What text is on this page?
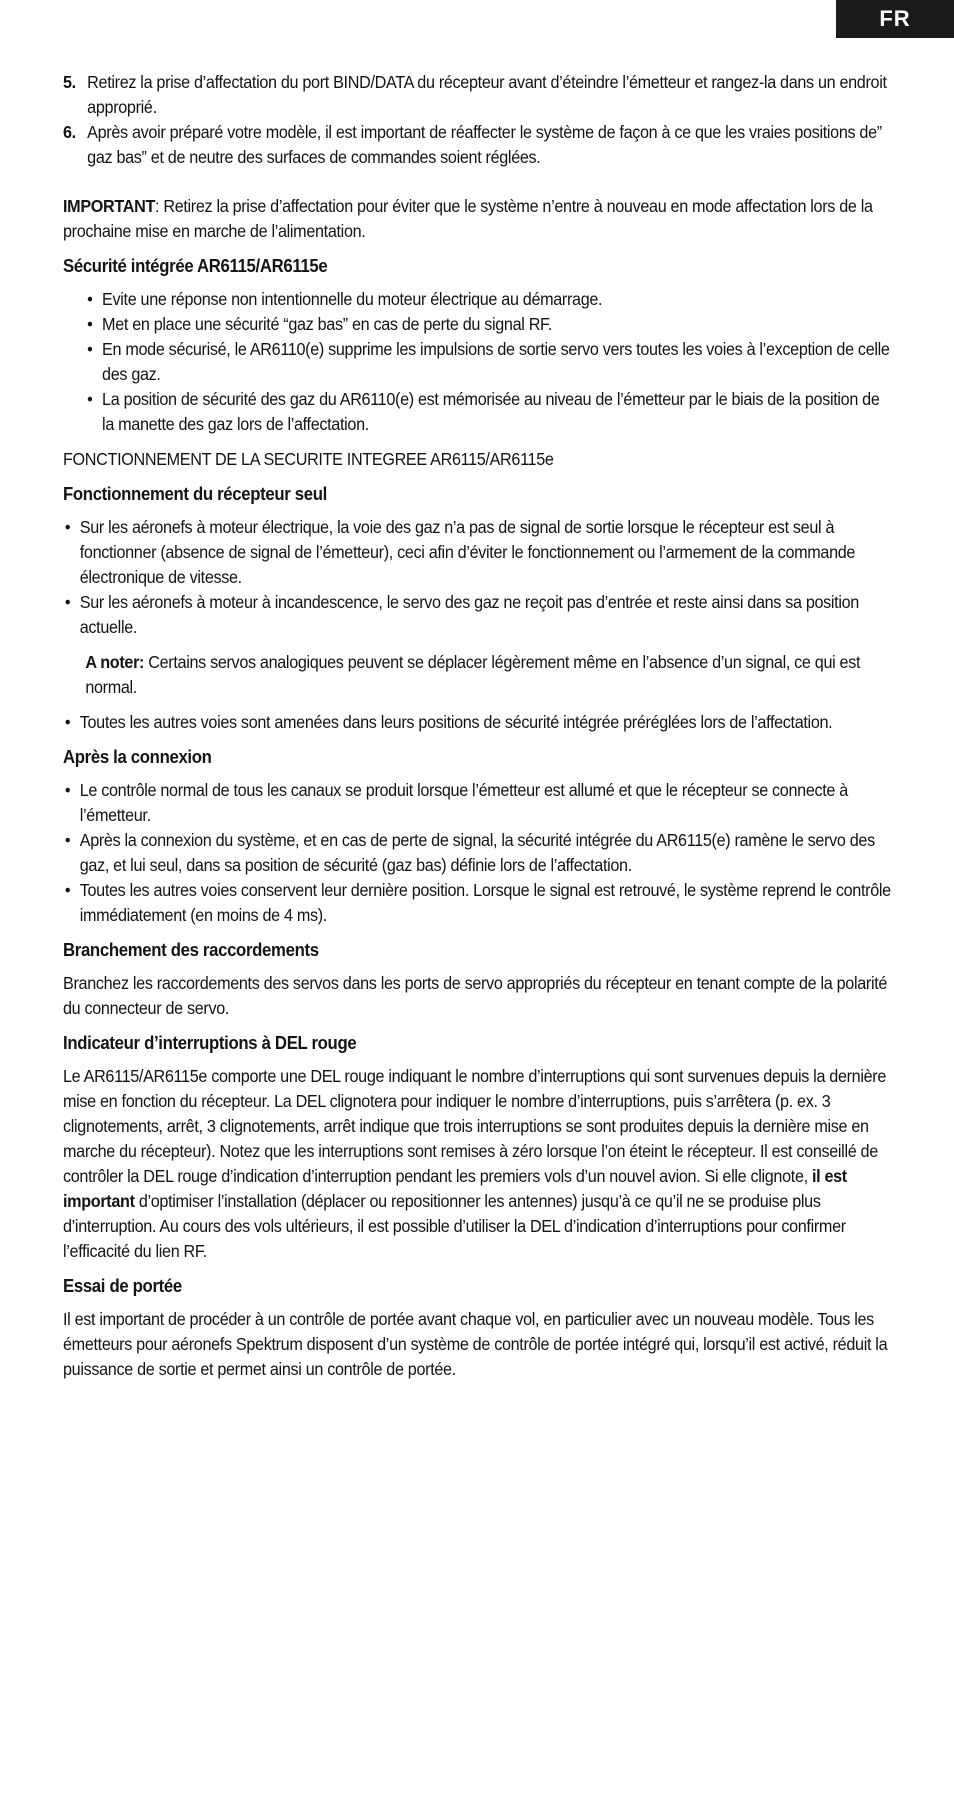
FR
5. Retirez la prise d’affectation du port BIND/DATA du récepteur avant d’éteindre l’émetteur et rangez-la dans un endroit approprié.
6. Après avoir préparé votre modèle, il est important de réaffecter le système de façon à ce que les vraies positions de” gaz bas” et de neutre des surfaces de commandes soient réglées.

IMPORTANT: Retirez la prise d’affectation pour éviter que le système n’entre à nouveau en mode affectation lors de la prochaine mise en marche de l’alimentation.

Sécurité intégrée AR6115/AR6115e
• Evite une réponse non intentionnelle du moteur électrique au démarrage.
• Met en place une sécurité “gaz bas” en cas de perte du signal RF.
• En mode sécurisé, le AR6110(e) supprime les impulsions de sortie servo vers toutes les voies à l’exception de celle des gaz.
• La position de sécurité des gaz du AR6110(e) est mémorisée au niveau de l’émetteur par le biais de la position de la manette des gaz lors de l’affectation.

FONCTIONNEMENT DE LA SECURITE INTEGREE AR6115/AR6115e

Fonctionnement du récepteur seul
• Sur les aéronefs à moteur électrique, la voie des gaz n’a pas de signal de sortie lorsque le récepteur est seul à fonctionner (absence de signal de l’émetteur), ceci afin d’éviter le fonctionnement ou l’armement de la commande électronique de vitesse.
• Sur les aéronefs à moteur à incandescence, le servo des gaz ne reçoit pas d’entrée et reste ainsi dans sa position actuelle.

A noter: Certains servos analogiques peuvent se déplacer légèrement même en l’absence d’un signal, ce qui est normal.

• Toutes les autres voies sont amenées dans leurs positions de sécurité intégrée préréglées lors de l’affectation.
Après la connexion
• Le contrôle normal de tous les canaux se produit lorsque l’émetteur est allumé et que le récepteur se connecte à l’émetteur.
• Après la connexion du système, et en cas de perte de signal, la sécurité intégrée du AR6115(e) ramène le servo des gaz, et lui seul, dans sa position de sécurité (gaz bas) définie lors de l’affectation.
• Toutes les autres voies conservent leur dernière position. Lorsque le signal est retrouvé, le système reprend le contrôle immédiatement (en moins de 4 ms).
Branchement des raccordements

Branchez les raccordements des servos dans les ports de servo appropriés du récepteur en tenant compte de la polarité du connecteur de servo.

Indicateur d’interruptions à DEL rouge

Le AR6115/AR6115e comporte une DEL rouge indiquant le nombre d’interruptions qui sont survenues depuis la dernière mise en fonction du récepteur. La DEL clignotera pour indiquer le nombre d’interruptions, puis s’arrêtera (p. ex. 3 clignotements, arrêt, 3 clignotements, arrêt indique que trois interruptions se sont produites depuis la dernière mise en marche du récepteur). Notez que les interruptions sont remises à zéro lorsque l’on éteint le récepteur. Il est conseillé de contrôler la DEL rouge d’indication d’interruption pendant les premiers vols d’un nouvel avion. Si elle clignote, il est important d’optimiser l’installation (déplacer ou repositionner les antennes) jusqu’à ce qu’il ne se produise plus d’interruption. Au cours des vols ultérieurs, il est possible d’utiliser la DEL d’indication d’interruptions pour confirmer l’efficacité du lien RF.

Essai de portée

Il est important de procéder à un contrôle de portée avant chaque vol, en particulier avec un nouveau modèle. Tous les émetteurs pour aéronefs Spektrum disposent d’un système de contrôle de portée intégré qui, lorsqu’il est activé, réduit la puissance de sortie et permet ainsi un contrôle de portée.
